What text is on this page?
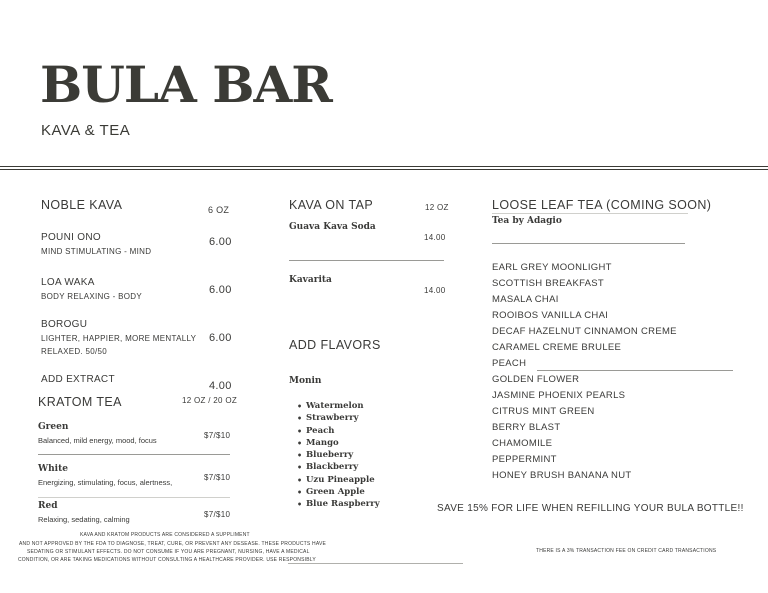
BULA BAR
KAVA & TEA
NOBLE KAVA	6 OZ
POUNI ONO
MIND STIMULATING - MIND
6.00
LOA WAKA
BODY RELAXING - BODY
6.00
BOROGU
LIGHTER, HAPPIER, MORE MENTALLY
RELAXED. 50/50
6.00
ADD EXTRACT
4.00
KRATOM TEA	12 OZ / 20 OZ
Green
Balanced, mild energy, mood, focus
$7/$10
White
Energizing, stimulating, focus, alertness,
$7/$10
Red
Relaxing, sedating, calming
$7/$10
KAVA ON TAP	12 OZ
Guava Kava Soda
14.00
Kavarita
14.00
ADD FLAVORS
Monin
• Watermelon
• Strawberry
• Peach
• Mango
• Blueberry
• Blackberry
• Uzu Pineapple
• Green Apple
• Blue Raspberry
LOOSE LEAF TEA (COMING SOON)
Tea by Adagio
EARL GREY MOONLIGHT
SCOTTISH BREAKFAST
MASALA CHAI
ROOIBOS VANILLA CHAI
DECAF HAZELNUT CINNAMON CREME
CARAMEL CREME BRULEE
PEACH
GOLDEN FLOWER
JASMINE PHOENIX PEARLS
CITRUS MINT GREEN
BERRY BLAST
CHAMOMILE
PEPPERMINT
HONEY BRUSH BANANA NUT
SAVE 15% FOR LIFE WHEN REFILLING YOUR BULA BOTTLE!!
KAVA AND KRATOM PRODUCTS ARE CONSIDERED A SUPPLIMENT
AND NOT APPROVED BY THE FDA TO DIAGNOSE, TREAT, CURE, OR PREVENT ANY DESEASE. THESE PRODUCTS HAVE
SEDATING OR STIMULANT EFFECTS. DO NOT CONSUME IF YOU ARE PREGNANT, NURSING, HAVE A MEDICAL
CONDITION, OR ARE TAKING MEDICATIONS WITHOUT CONSULTING A HEALTHCARE PROVIDER. USE RESPONSIBLY
THERE IS A 3% TRANSACTION FEE ON CREDIT CARD TRANSACTIONS
